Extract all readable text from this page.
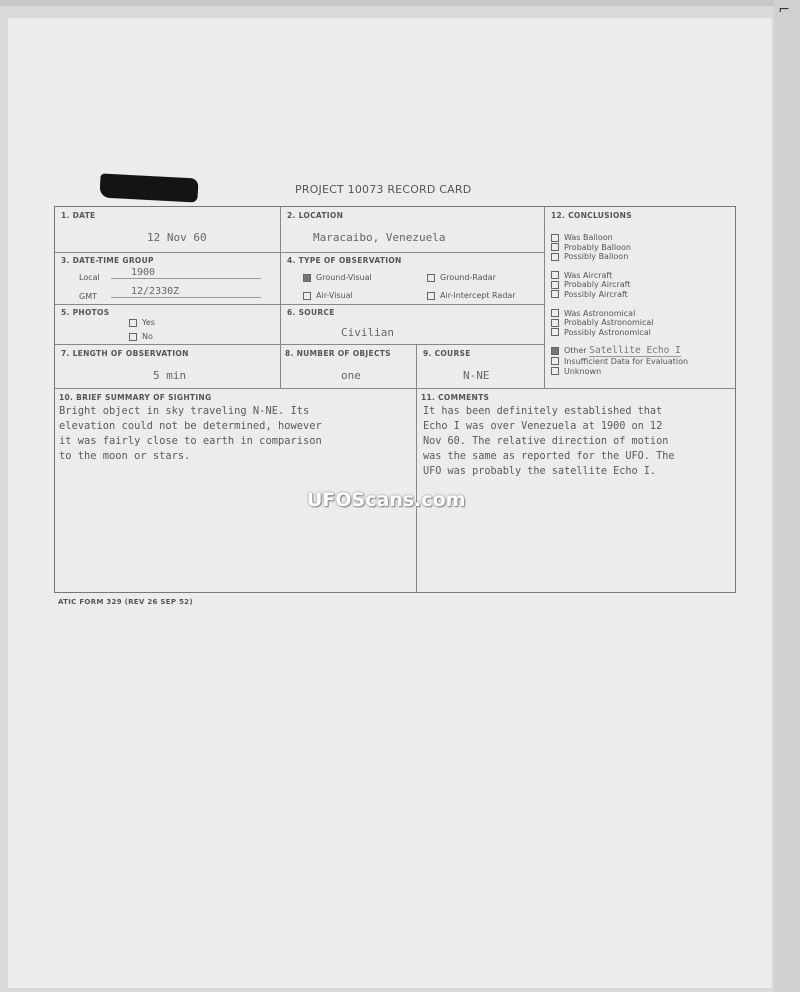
⌐
PROJECT 10073 RECORD CARD
1. DATE
12 Nov 60
2. LOCATION
Maracaibo, Venezuela
3. DATE-TIME GROUP
Local	1900
GMT	12/2330Z
4. TYPE OF OBSERVATION
Ground-Visual	Ground-Radar
Air-Visual	Air-Intercept Radar
5. PHOTOS
Yes
No
6. SOURCE
Civilian
7. LENGTH OF OBSERVATION
5 min
8. NUMBER OF OBJECTS
one
9. COURSE
N-NE
12. CONCLUSIONS
Was Balloon
Probably Balloon
Possibly Balloon
Was Aircraft
Probably Aircraft
Possibly Aircraft
Was Astronomical
Probably Astronomical
Possibly Astronomical
Other Satellite Echo I
Insufficient Data for Evaluation
Unknown
10. BRIEF SUMMARY OF SIGHTING
Bright object in sky traveling N-NE. Its
elevation could not be determined, however
it was fairly close to earth in comparison
to the moon or stars.
11. COMMENTS
It has been definitely established that
Echo I was over Venezuela at 1900 on 12
Nov 60. The relative direction of motion
was the same as reported for the UFO. The
UFO was probably the satellite Echo I.
UFOScans.com
ATIC FORM 329 (REV 26 SEP 52)
